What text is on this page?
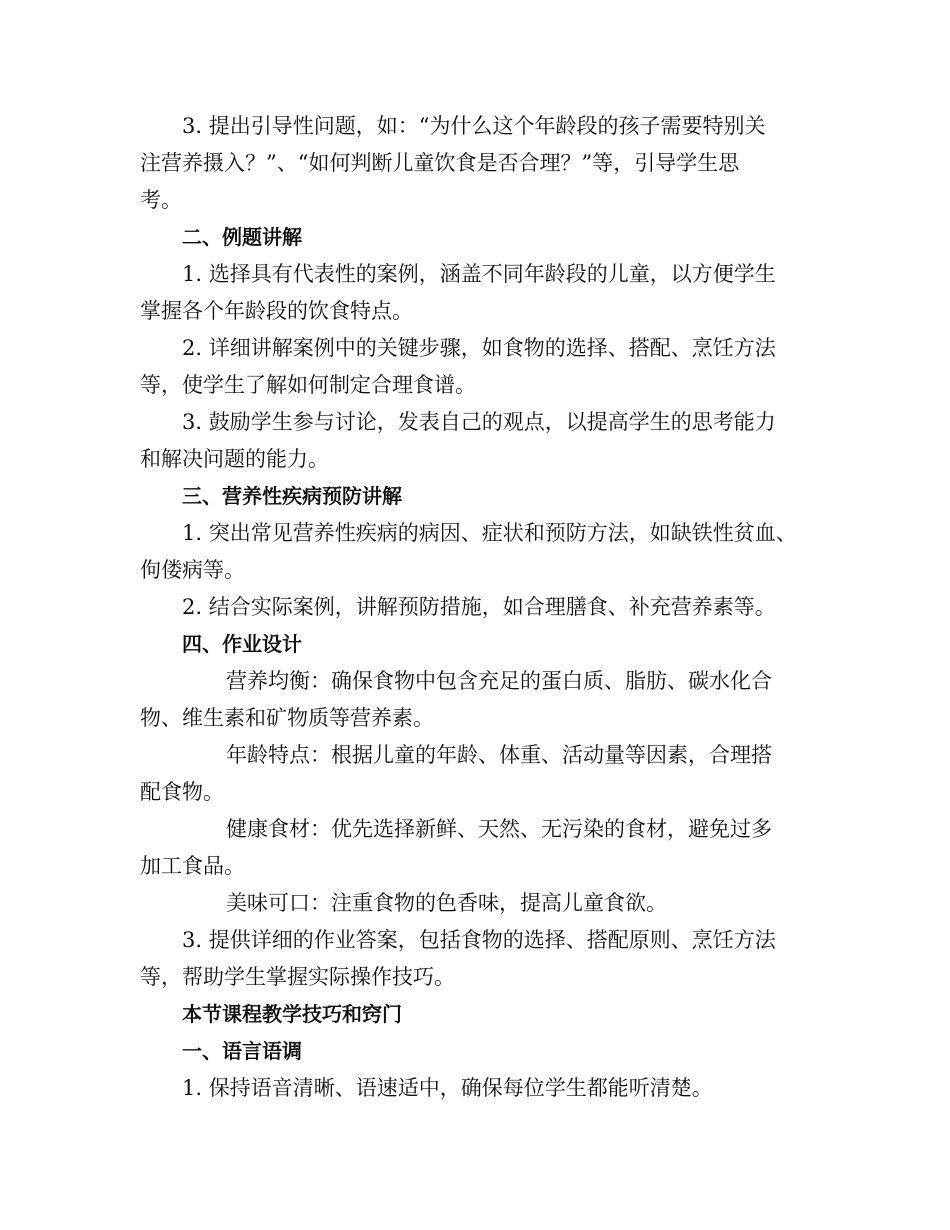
3. 提出引导性问题，如：“为什么这个年龄段的孩子需要特别关
注营养摄入？”、“如何判断儿童饮食是否合理？”等，引导学生思
考。
二、例题讲解
1. 选择具有代表性的案例，涵盖不同年龄段的儿童，以方便学生
掌握各个年龄段的饮食特点。
2. 详细讲解案例中的关键步骤，如食物的选择、搭配、烹饪方法
等，使学生了解如何制定合理食谱。
3. 鼓励学生参与讨论，发表自己的观点，以提高学生的思考能力
和解决问题的能力。
三、营养性疾病预防讲解
1. 突出常见营养性疾病的病因、症状和预防方法，如缺铁性贫血、
佝偻病等。
2. 结合实际案例，讲解预防措施，如合理膳食、补充营养素等。
四、作业设计
营养均衡：确保食物中包含充足的蛋白质、脂肪、碳水化合
物、维生素和矿物质等营养素。
年龄特点：根据儿童的年龄、体重、活动量等因素，合理搭
配食物。
健康食材：优先选择新鲜、天然、无污染的食材，避免过多
加工食品。
美味可口：注重食物的色香味，提高儿童食欲。
3. 提供详细的作业答案，包括食物的选择、搭配原则、烹饪方法
等，帮助学生掌握实际操作技巧。
本节课程教学技巧和窍门
一、语言语调
1. 保持语音清晰、语速适中，确保每位学生都能听清楚。
